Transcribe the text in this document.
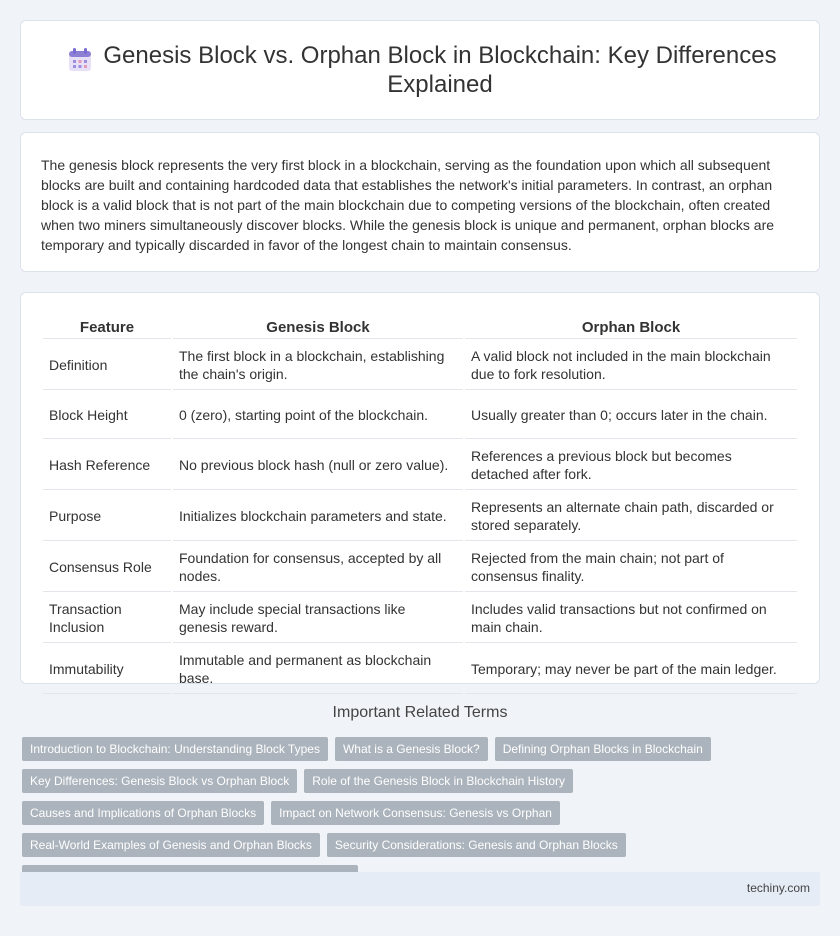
Genesis Block vs. Orphan Block in Blockchain: Key Differences Explained

The genesis block represents the very first block in a blockchain, serving as the foundation upon which all subsequent blocks are built and containing hardcoded data that establishes the network's initial parameters. In contrast, an orphan block is a valid block that is not part of the main blockchain due to competing versions of the blockchain, often created when two miners simultaneously discover blocks. While the genesis block is unique and permanent, orphan blocks are temporary and typically discarded in favor of the longest chain to maintain consensus.

Feature	Genesis Block	Orphan Block
Definition	The first block in a blockchain, establishing the chain's origin.	A valid block not included in the main blockchain due to fork resolution.
Block Height	0 (zero), starting point of the blockchain.	Usually greater than 0; occurs later in the chain.
Hash Reference	No previous block hash (null or zero value).	References a previous block but becomes detached after fork.
Purpose	Initializes blockchain parameters and state.	Represents an alternate chain path, discarded or stored separately.
Consensus Role	Foundation for consensus, accepted by all nodes.	Rejected from the main chain; not part of consensus finality.
Transaction Inclusion	May include special transactions like genesis reward.	Includes valid transactions but not confirmed on main chain.
Immutability	Immutable and permanent as blockchain base.	Temporary; may never be part of the main ledger.
Important Related Terms
Introduction to Blockchain: Understanding Block Types	What is a Genesis Block?	Defining Orphan Blocks in Blockchain
Key Differences: Genesis Block vs Orphan Block	Role of the Genesis Block in Blockchain History
Causes and Implications of Orphan Blocks	Impact on Network Consensus: Genesis vs Orphan
Real-World Examples of Genesis and Orphan Blocks	Security Considerations: Genesis and Orphan Blocks
techiny.com
